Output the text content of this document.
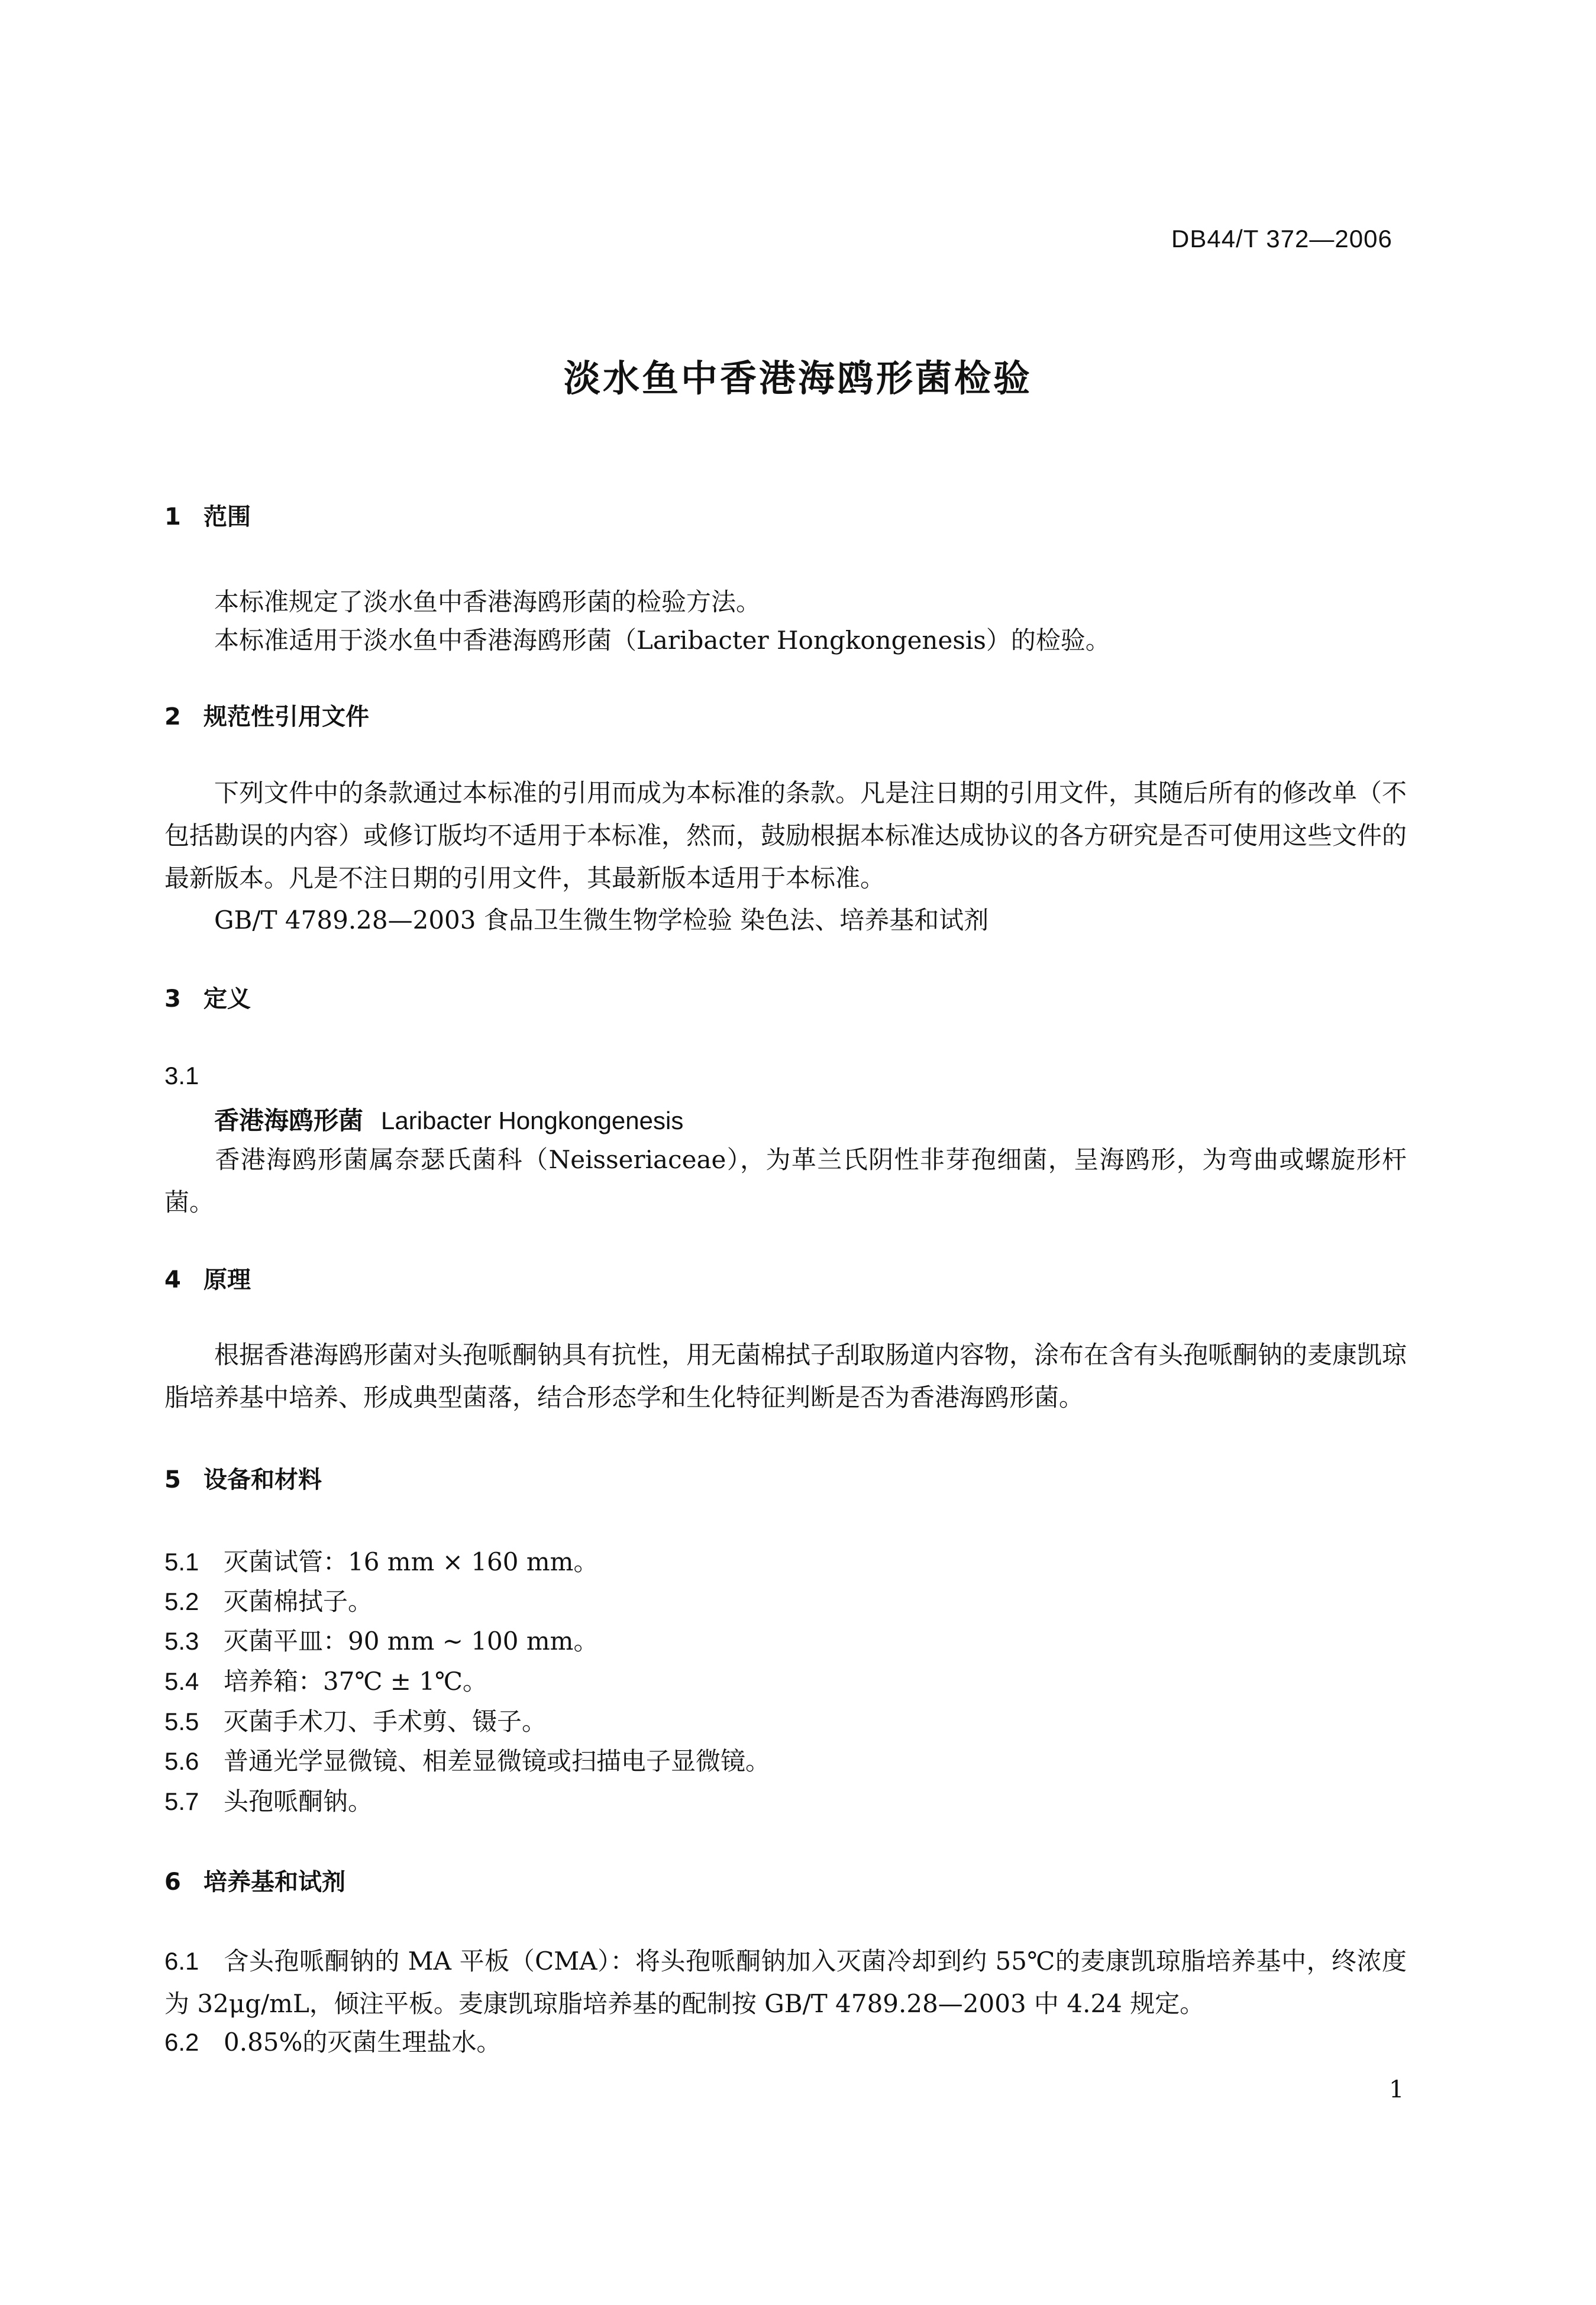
DB44/T 372—2006
淡水鱼中香港海鸥形菌检验
1 范围
本标准规定了淡水鱼中香港海鸥形菌的检验方法。
本标准适用于淡水鱼中香港海鸥形菌（Laribacter Hongkongenesis）的检验。
2 规范性引用文件
下列文件中的条款通过本标准的引用而成为本标准的条款。凡是注日期的引用文件，其随后所有的修改单（不包括勘误的内容）或修订版均不适用于本标准，然而，鼓励根据本标准达成协议的各方研究是否可使用这些文件的最新版本。凡是不注日期的引用文件，其最新版本适用于本标准。
GB/T 4789.28—2003 食品卫生微生物学检验 染色法、培养基和试剂
3 定义
3.1
香港海鸥形菌 Laribacter Hongkongenesis
香港海鸥形菌属奈瑟氏菌科（Neisseriaceae），为革兰氏阴性非芽孢细菌，呈海鸥形，为弯曲或螺旋形杆菌。
4 原理
根据香港海鸥形菌对头孢哌酮钠具有抗性，用无菌棉拭子刮取肠道内容物，涂布在含有头孢哌酮钠的麦康凯琼脂培养基中培养、形成典型菌落，结合形态学和生化特征判断是否为香港海鸥形菌。
5 设备和材料
5.1 灭菌试管：16 mm × 160 mm。
5.2 灭菌棉拭子。
5.3 灭菌平皿：90 mm ~ 100 mm。
5.4 培养箱：37℃ ± 1℃。
5.5 灭菌手术刀、手术剪、镊子。
5.6 普通光学显微镜、相差显微镜或扫描电子显微镜。
5.7 头孢哌酮钠。
6 培养基和试剂
6.1 含头孢哌酮钠的 MA 平板（CMA）：将头孢哌酮钠加入灭菌冷却到约 55℃的麦康凯琼脂培养基中，终浓度为 32μg/mL，倾注平板。麦康凯琼脂培养基的配制按 GB/T 4789.28—2003 中 4.24 规定。
6.2 0.85%的灭菌生理盐水。
1
